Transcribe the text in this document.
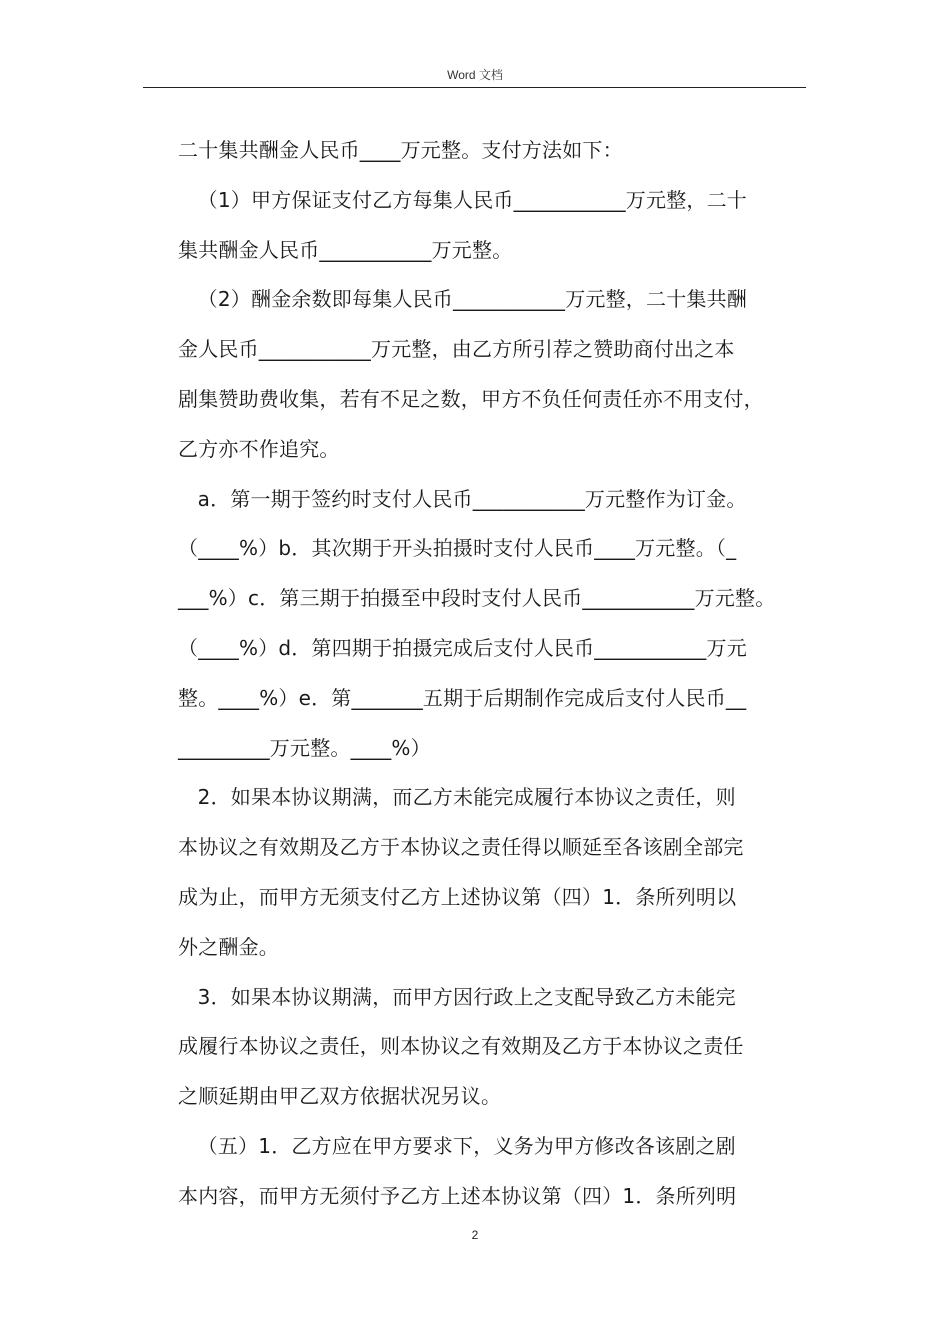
Word 文档
二十集共酬金人民币____万元整。支付方法如下：
（1）甲方保证支付乙方每集人民币___________万元整，二十
集共酬金人民币___________万元整。
（2）酬金余数即每集人民币___________万元整，二十集共酬
金人民币___________万元整，由乙方所引荐之赞助商付出之本
剧集赞助费收集，若有不足之数，甲方不负任何责任亦不用支付，
乙方亦不作追究。
a．第一期于签约时支付人民币___________万元整作为订金。
（____%）b．其次期于开头拍摄时支付人民币____万元整。（_
___%）c．第三期于拍摄至中段时支付人民币___________万元整。
（____%）d．第四期于拍摄完成后支付人民币___________万元
整。____%）e．第_______五期于后期制作完成后支付人民币__
_________万元整。____%）
2．如果本协议期满，而乙方未能完成履行本协议之责任，则
本协议之有效期及乙方于本协议之责任得以顺延至各该剧全部完
成为止，而甲方无须支付乙方上述协议第（四）1．条所列明以
外之酬金。
3．如果本协议期满，而甲方因行政上之支配导致乙方未能完
成履行本协议之责任，则本协议之有效期及乙方于本协议之责任
之顺延期由甲乙双方依据状况另议。
（五）1．乙方应在甲方要求下，义务为甲方修改各该剧之剧
本内容，而甲方无须付予乙方上述本协议第（四）1．条所列明
2
